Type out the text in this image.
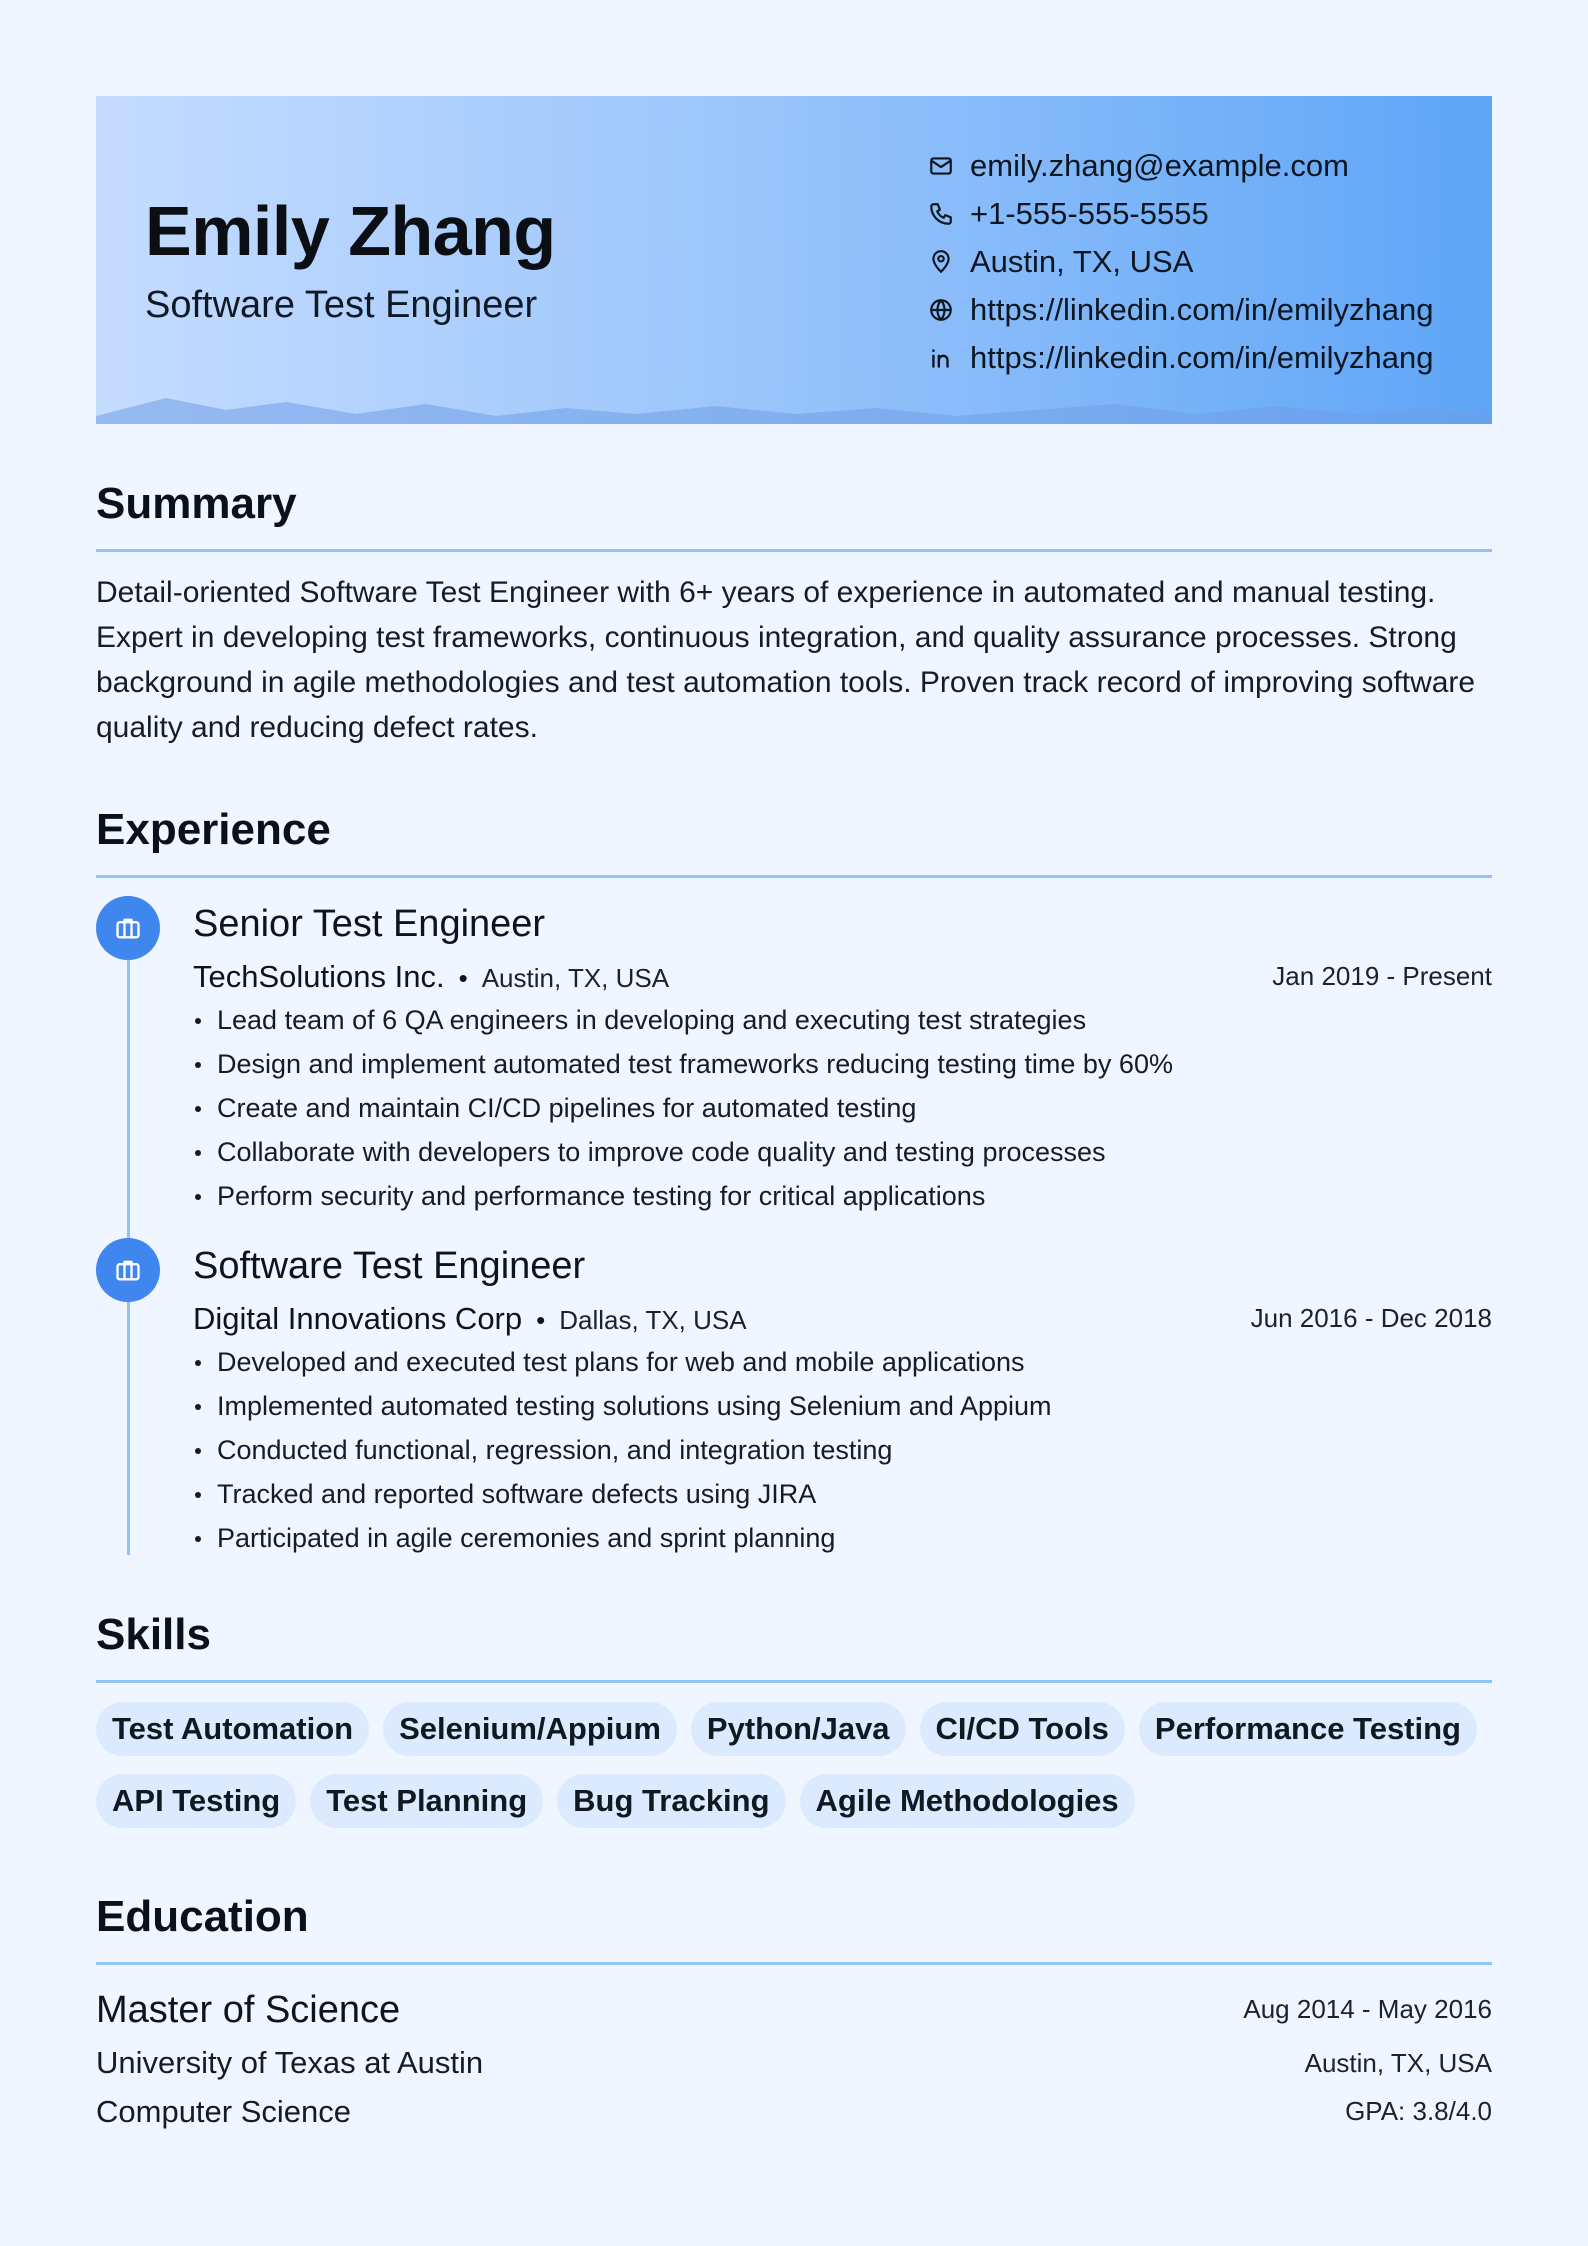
Emily Zhang
Software Test Engineer
emily.zhang@example.com
+1-555-555-5555
Austin, TX, USA
https://linkedin.com/in/emilyzhang
https://linkedin.com/in/emilyzhang
Summary

Detail-oriented Software Test Engineer with 6+ years of experience in automated and manual testing. Expert in developing test frameworks, continuous integration, and quality assurance processes. Strong background in agile methodologies and test automation tools. Proven track record of improving software quality and reducing defect rates.

Experience
Senior Test Engineer
TechSolutions Inc. • Austin, TX, USA	Jan 2019 - Present
Lead team of 6 QA engineers in developing and executing test strategies
Design and implement automated test frameworks reducing testing time by 60%
Create and maintain CI/CD pipelines for automated testing
Collaborate with developers to improve code quality and testing processes
Perform security and performance testing for critical applications
Software Test Engineer
Digital Innovations Corp • Dallas, TX, USA	Jun 2016 - Dec 2018
Developed and executed test plans for web and mobile applications
Implemented automated testing solutions using Selenium and Appium
Conducted functional, regression, and integration testing
Tracked and reported software defects using JIRA
Participated in agile ceremonies and sprint planning
Skills
Test Automation	Selenium/Appium	Python/Java	CI/CD Tools	Performance Testing
API Testing	Test Planning	Bug Tracking	Agile Methodologies
Education
Master of Science	Aug 2014 - May 2016
University of Texas at Austin	Austin, TX, USA
Computer Science	GPA: 3.8/4.0
